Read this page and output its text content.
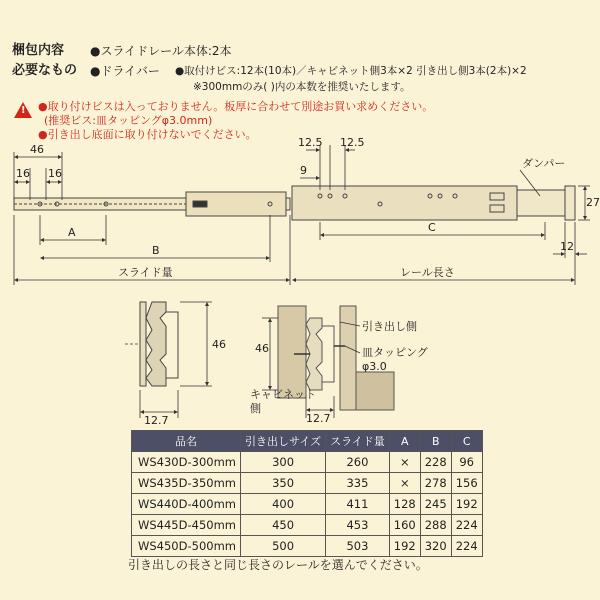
梱包内容 ●スライドレール本体:2本
必要なもの ●ドライバー ●取付けビス:12本(10本)／キャビネット側3本×2 引き出し側3本(2本)×2
※300mmのみ( )内の本数を推奨いたします。
! ●取り付けビスは入っておりません。板厚に合わせて別途お買い求めください。
(推奨ビス:皿タッピングφ3.0mm)
●引き出し底面に取り付けないでください。
46
16 16
A
B
スライド量	レール長さ
12.5 12.5
9
C
ダンパー
27
12
46
12.7
46
12.7
引き出し側
皿タッピング
φ3.0
キャビネット
側
品名	引き出しサイズ	スライド量	A	B	C
WS430D-300mm	300	260	×	228	96
WS435D-350mm	350	335	×	278	156
WS440D-400mm	400	411	128	245	192
WS445D-450mm	450	453	160	288	224
WS450D-500mm	500	503	192	320	224
引き出しの長さと同じ長さのレールを選んでください。
